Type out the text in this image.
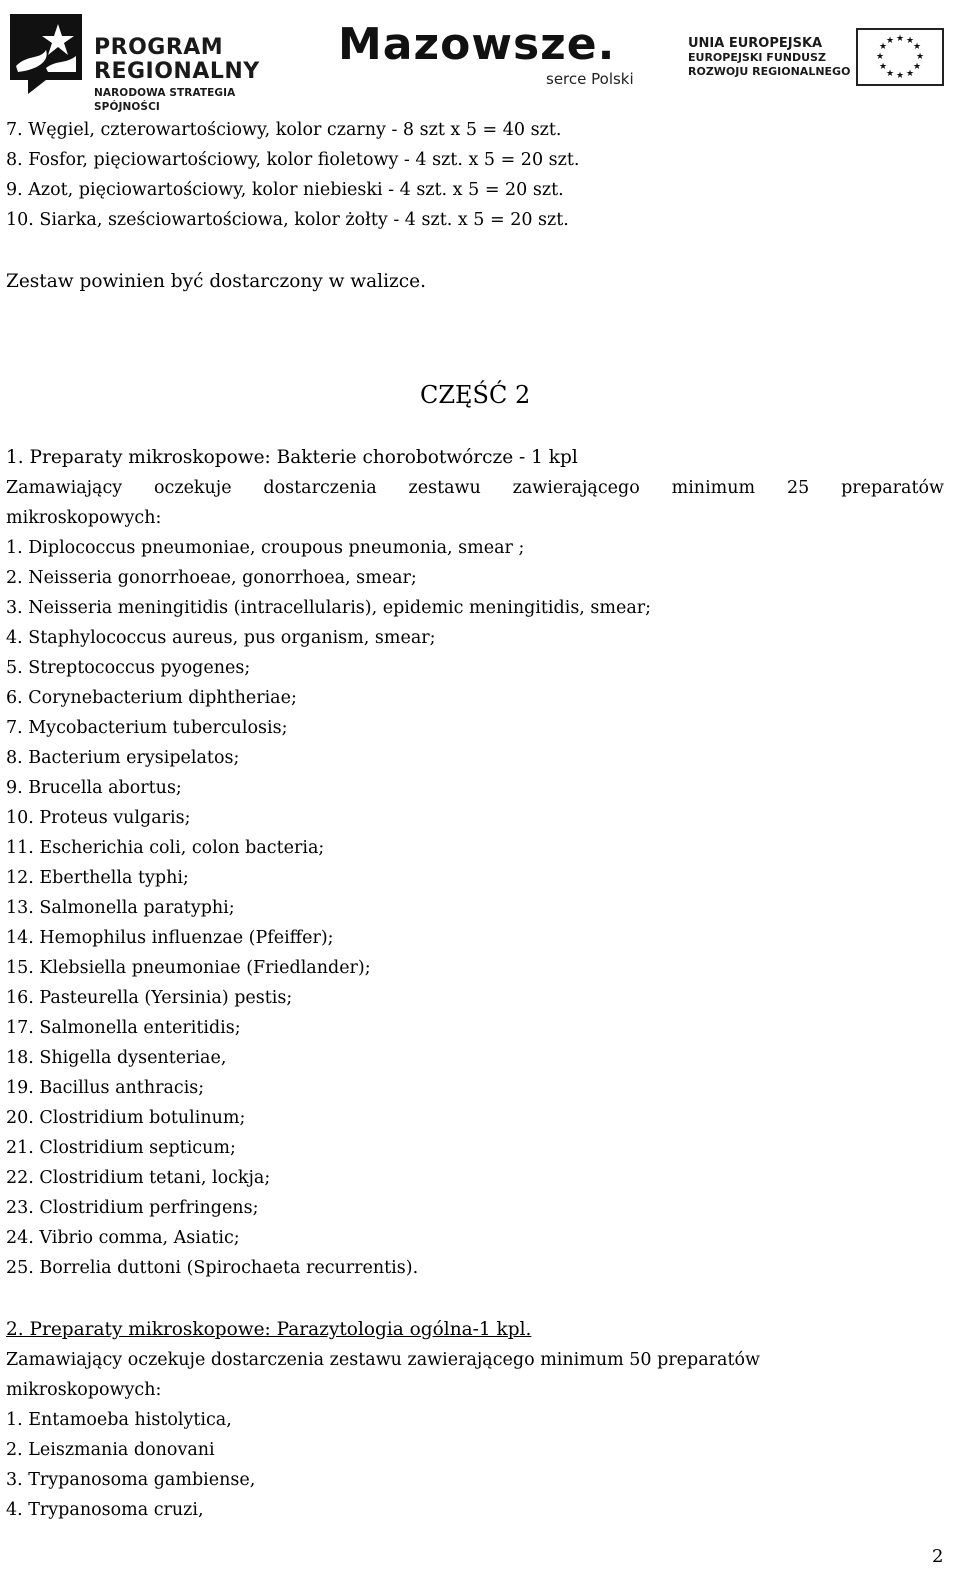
PROGRAM
REGIONALNY
NARODOWA STRATEGIA SPÓJNOŚCI
Mazowsze.
serce Polski
UNIA EUROPEJSKA
EUROPEJSKI FUNDUSZ
ROZWOJU REGIONALNEGO
★ ★
★
★
★
★
★
★
★
★
★
★
7. Węgiel, czterowartościowy, kolor czarny - 8 szt x 5 = 40 szt.
8. Fosfor, pięciowartościowy, kolor fioletowy - 4 szt. x 5 = 20 szt.
9. Azot, pięciowartościowy, kolor niebieski - 4 szt. x 5 = 20 szt.
10. Siarka, sześciowartościowa, kolor żołty - 4 szt. x 5 = 20 szt.
Zestaw powinien być dostarczony w walizce.
CZĘŚĆ 2
1. Preparaty mikroskopowe: Bakterie chorobotwórcze - 1 kpl
Zamawiający oczekuje dostarczenia zestawu zawierającego minimum 25 preparatów
mikroskopowych:
1. Diplococcus pneumoniae, croupous pneumonia, smear ;
2. Neisseria gonorrhoeae, gonorrhoea, smear;
3. Neisseria meningitidis (intracellularis), epidemic meningitidis, smear;
4. Staphylococcus aureus, pus organism, smear;
5. Streptococcus pyogenes;
6. Corynebacterium diphtheriae;
7. Mycobacterium tuberculosis;
8. Bacterium erysipelatos;
9. Brucella abortus;
10. Proteus vulgaris;
11. Escherichia coli, colon bacteria;
12. Eberthella typhi;
13. Salmonella paratyphi;
14. Hemophilus influenzae (Pfeiffer);
15. Klebsiella pneumoniae (Friedlander);
16. Pasteurella (Yersinia) pestis;
17. Salmonella enteritidis;
18. Shigella dysenteriae,
19. Bacillus anthracis;
20. Clostridium botulinum;
21. Clostridium septicum;
22. Clostridium tetani, lockja;
23. Clostridium perfringens;
24. Vibrio comma, Asiatic;
25. Borrelia duttoni (Spirochaeta recurrentis).
2. Preparaty mikroskopowe: Parazytologia ogólna-1 kpl.
Zamawiający oczekuje dostarczenia zestawu zawierającego minimum 50 preparatów
mikroskopowych:
1. Entamoeba histolytica,
2. Leiszmania donovani
3. Trypanosoma gambiense,
4. Trypanosoma cruzi,
2
